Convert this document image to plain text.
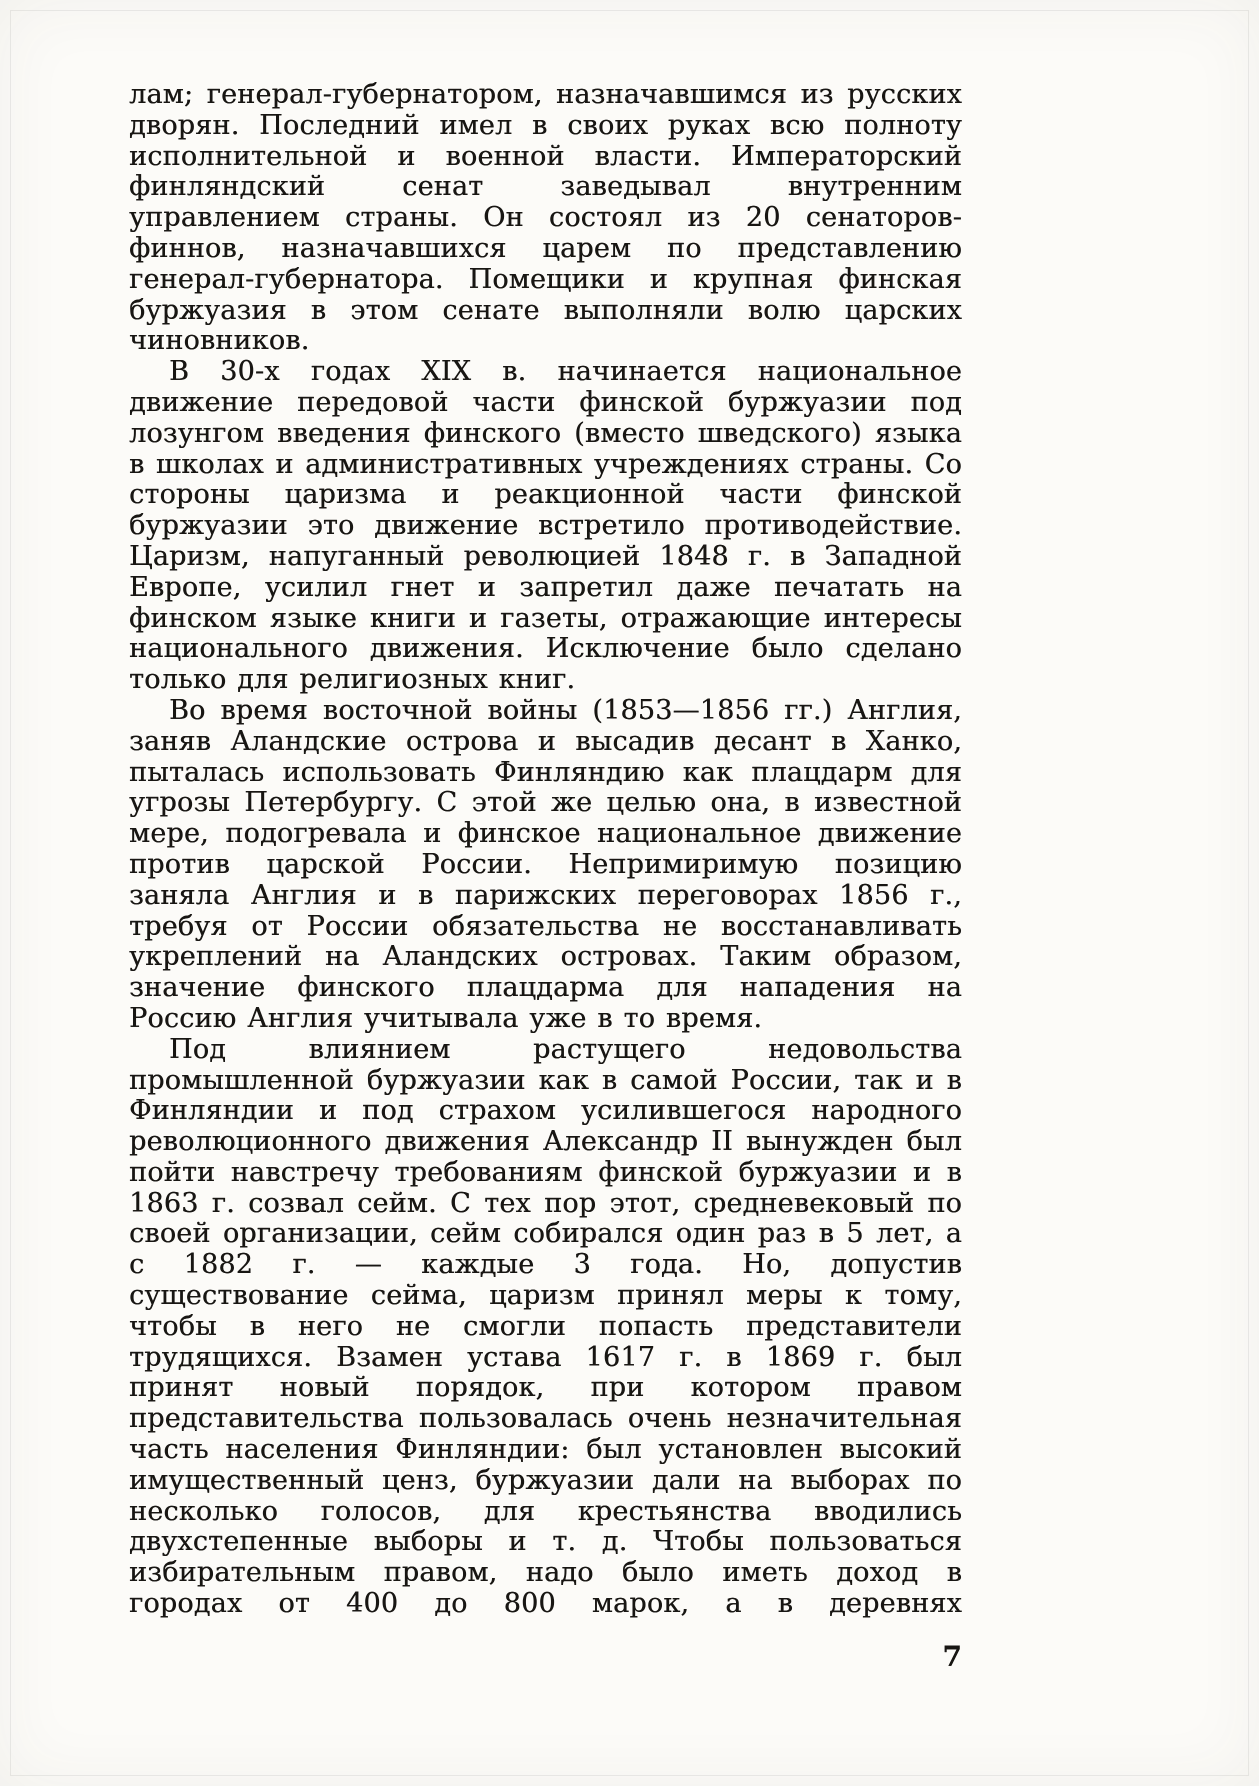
лам; генерал-губернатором, назначавшимся из русских дворян. Последний имел в своих руках всю полноту исполнительной и военной власти. Императорский финляндский сенат заведывал внутренним управлением страны. Он состоял из 20 сенаторов-финнов, назначавшихся царем по представлению генерал-губернатора. Помещики и крупная финская буржуазия в этом сенате выполняли волю царских чиновников.

В 30-х годах XIX в. начинается национальное движение передовой части финской буржуазии под лозунгом введения финского (вместо шведского) языка в школах и административных учреждениях страны. Со стороны царизма и реакционной части финской буржуазии это движение встретило противодействие. Царизм, напуганный революцией 1848 г. в Западной Европе, усилил гнет и запретил даже печатать на финском языке книги и газеты, отражающие интересы национального движения. Исключение было сделано только для религиозных книг.

Во время восточной войны (1853—1856 гг.) Англия, заняв Аландские острова и высадив десант в Ханко, пыталась использовать Финляндию как плацдарм для угрозы Петербургу. С этой же целью она, в известной мере, подогревала и финское национальное движение против царской России. Непримиримую позицию заняла Англия и в парижских переговорах 1856 г., требуя от России обязательства не восстанавливать укреплений на Аландских островах. Таким образом, значение финского плацдарма для нападения на Россию Англия учитывала уже в то время.

Под влиянием растущего недовольства промышленной буржуазии как в самой России, так и в Финляндии и под страхом усилившегося народного революционного движения Александр II вынужден был пойти навстречу требованиям финской буржуазии и в 1863 г. созвал сейм. С тех пор этот, средневековый по своей организации, сейм собирался один раз в 5 лет, а с 1882 г. — каждые 3 года. Но, допустив существование сейма, царизм принял меры к тому, чтобы в него не смогли попасть представители трудящихся. Взамен устава 1617 г. в 1869 г. был принят новый порядок, при котором правом представительства пользовалась очень незначительная часть населения Финляндии: был установлен высокий имущественный ценз, буржуазии дали на выборах по несколько голосов, для крестьянства вводились двухстепенные выборы и т. д. Чтобы пользоваться избирательным правом, надо было иметь доход в городах от 400 до 800 марок, а в деревнях

7
